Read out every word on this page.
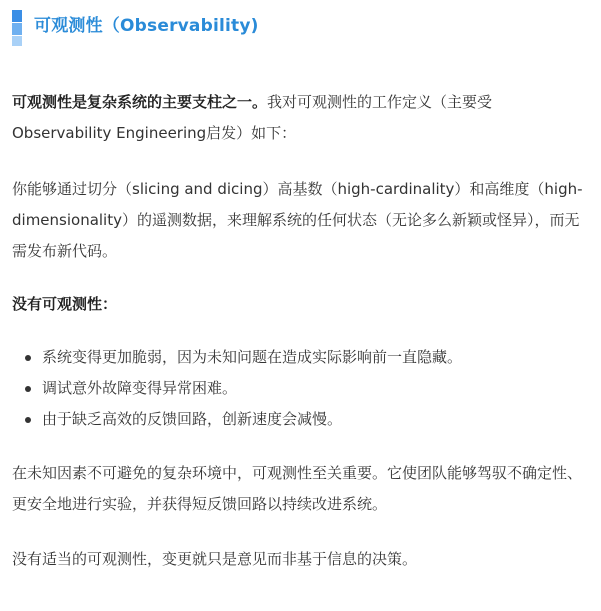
可观测性（Observability)

可观测性是复杂系统的主要支柱之一。我对可观测性的工作定义（主要受Observability Engineering启发）如下：

你能够通过切分（slicing and dicing）高基数（high-cardinality）和高维度（high-dimensionality）的遥测数据，来理解系统的任何状态（无论多么新颖或怪异），而无需发布新代码。

没有可观测性：

系统变得更加脆弱，因为未知问题在造成实际影响前一直隐藏。
调试意外故障变得异常困难。
由于缺乏高效的反馈回路，创新速度会减慢。

在未知因素不可避免的复杂环境中，可观测性至关重要。它使团队能够驾驭不确定性、更安全地进行实验，并获得短反馈回路以持续改进系统。

没有适当的可观测性，变更就只是意见而非基于信息的决策。
